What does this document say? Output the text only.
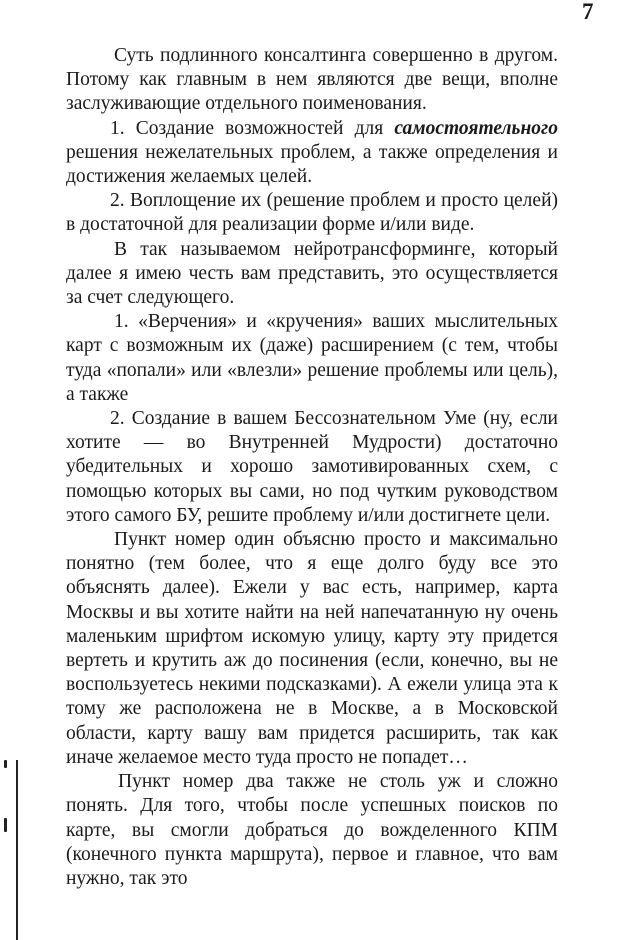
7

Суть подлинного консалтинга совершенно в другом. Потому как главным в нем являются две вещи, вполне заслуживающие отдельного поименования.

1. Создание возможностей для самостоятельного решения нежелательных проблем, а также определения и достижения желаемых целей.

2. Воплощение их (решение проблем и просто целей) в достаточной для реализации форме и/или виде.

В так называемом нейротрансформинге, который далее я имею честь вам представить, это осуществляется за счет следующего.

1. «Верчения» и «кручения» ваших мыслительных карт с возможным их (даже) расширением (с тем, чтобы туда «попали» или «влезли» решение проблемы или цель), а также

2. Создание в вашем Бессознательном Уме (ну, если хотите — во Внутренней Мудрости) достаточно убедительных и хорошо замотивированных схем, с помощью которых вы сами, но под чутким руководством этого самого БУ, решите проблему и/или достигнете цели.

Пункт номер один объясню просто и максимально понятно (тем более, что я еще долго буду все это объяснять далее). Ежели у вас есть, например, карта Москвы и вы хотите найти на ней напечатанную ну очень маленьким шрифтом искомую улицу, карту эту придется вертеть и крутить аж до посинения (если, конечно, вы не воспользуетесь некими подсказками). А ежели улица эта к тому же расположена не в Москве, а в Московской области, карту вашу вам придется расширить, так как иначе желаемое место туда просто не попадет…

Пункт номер два также не столь уж и сложно понять. Для того, чтобы после успешных поисков по карте, вы смогли добраться до вожделенного КПМ (конечного пункта маршрута), первое и главное, что вам нужно, так это
